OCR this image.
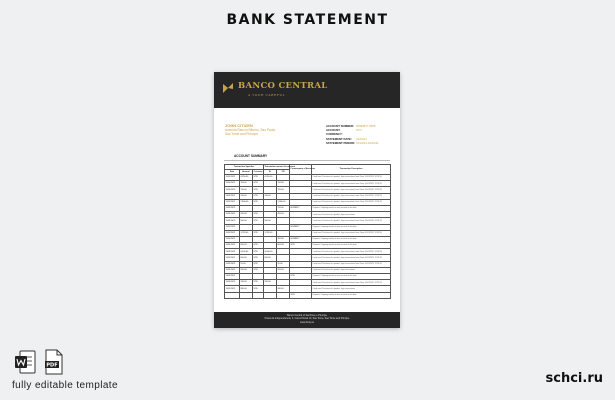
BANK STATEMENT
BANCO CENTRAL
A YOUR CAREFUL
JOHN CITIZEN
Avenida Ramon Ribeiro, Sao Paulo,
Sao Tome and Principe
ACCOUNT NUMBER: 00998877 6655
ACCOUNT CURRENCY:
STN
STATEMENT DATE:	31/01/21
STATEMENT PERIOD: 01/01/21-31/01/21
ACCOUNT SUMMARY
Transaction Specifics			Transaction amount for account		Counterparty of Accounts	Transaction Description
Date	Amount	Currency	Dr	CR		
11/01/2021	4,350.00	STN	4,350.00			Credit card. Purchase of a product, login transactions from Client: 01/01/2021 12:28:33
11/01/2021	700.00	STN		700.00		Credit card. Purchase of a product, login transactions from Client: 01/01/2021 12:28:33
11/01/2021	750.00	STN		750.00		Credit card. Purchase of a product, login transactions from Client: 01/01/2021 12:28:33
11/01/2021	240.00	STN	240.00			Credit card. Purchase of a product, login transactions from Client: 01/01/2021 12:28:33
11/01/2021	7,800.00	STN		7,800.00		Credit card. Purchase of a product, login transactions from Client: 01/01/2021 12:28:33
11/01/2021				750.00	00998877	Payment. Outgoing transfer to own account on the date
11/01/2021	450.00	STN		450.00		Credit card. Purchase of a product, login transactions
11/01/2021	500.00	STN	500.00			Credit card. Purchase of a product, login transactions from Client: 01/01/2021 12:28:33
11/01/2021					00998877	Payment. Outgoing transfer to own account on the date
11/01/2021	1,235.00	STN	1,235.00			Credit card. Purchase of a product, login transactions from Client: 01/01/2021 12:28:33
11/01/2021				350.00	00998877	Payment. Outgoing transfer to own account on the date
11/01/2021	600.00	STN		600.00	STN	Payment. Outgoing transfer to own account on the date
11/01/2021	3,400.00	STN	3,400.00			Credit card. Purchase of a product, login transactions from Client: 01/01/2021 12:28:33
11/01/2021	650.00	STN	650.00			Credit card. Purchase of a product, login transactions from Client: 01/01/2021 12:28:33
11/01/2021	55.00	STN		55.00		Credit card. Purchase of a product, login transactions from Client: 01/01/2021 12:28:33
11/01/2021	200.00	STN		200.00		Credit card. Purchase of a product, login transactions
11/01/2021					STN	Payment. Outgoing transfer to own account on the date
11/01/2021	310.00	STN	310.00			Credit card. Purchase of a product, login transactions from Client: 01/01/2021 12:28:33
11/01/2021	980.00	STN		980.00		Credit card. Purchase of a product, login transactions
					STN	Payment. Outgoing transfer to own account on the date
Banco Central of SaoTome e Principe
Praca da Independencia, 3, Caixa Postal 13, Sao Tome, Sao Tome and Principe
www.bcstp.st
PDF
fully editable template	schci.ru
